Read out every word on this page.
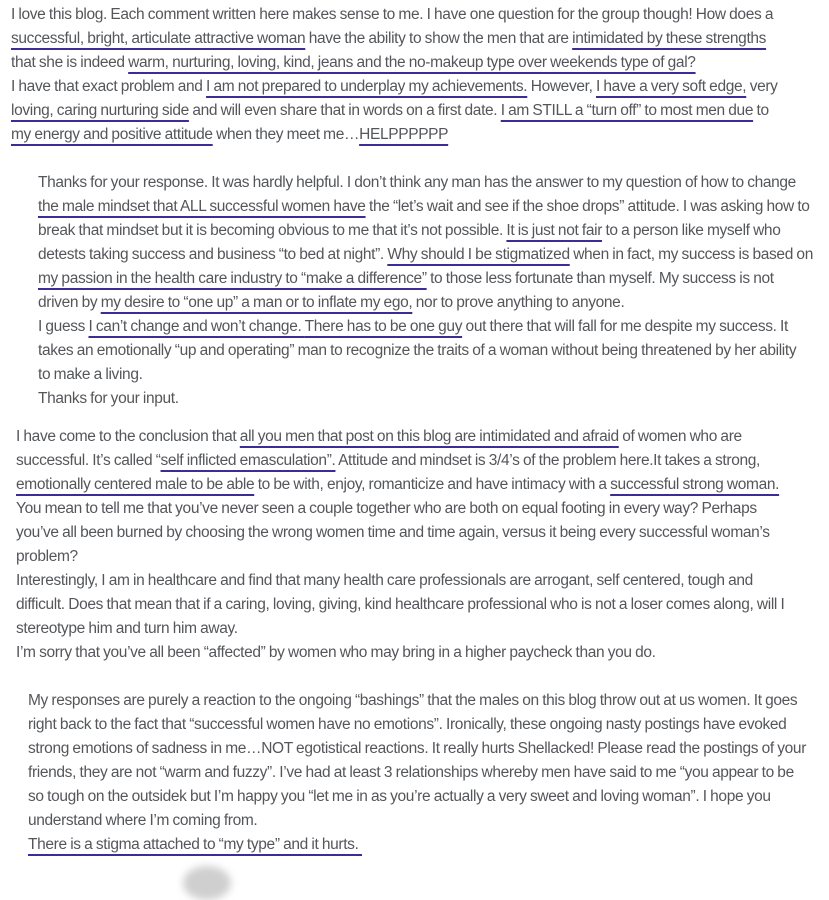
I love this blog. Each comment written here makes sense to me. I have one question for the group though! How does a
successful, bright, articulate attractive woman have the ability to show the men that are intimidated by these strengths
that she is indeed warm, nurturing, loving, kind, jeans and the no-makeup type over weekends type of gal?
I have that exact problem and I am not prepared to underplay my achievements. However, I have a very soft edge, very
loving, caring nurturing side and will even share that in words on a first date. I am STILL a “turn off” to most men due to
my energy and positive attitude when they meet me…HELPPPPPP
Thanks for your response. It was hardly helpful. I don’t think any man has the answer to my question of how to change
the male mindset that ALL successful women have the “let’s wait and see if the shoe drops” attitude. I was asking how to
break that mindset but it is becoming obvious to me that it’s not possible. It is just not fair to a person like myself who
detests taking success and business “to bed at night”. Why should I be stigmatized when in fact, my success is based on
my passion in the health care industry to “make a difference” to those less fortunate than myself. My success is not
driven by my desire to “one up” a man or to inflate my ego, nor to prove anything to anyone.
I guess I can’t change and won’t change. There has to be one guy out there that will fall for me despite my success. It
takes an emotionally “up and operating” man to recognize the traits of a woman without being threatened by her ability
to make a living.
Thanks for your input.
I have come to the conclusion that all you men that post on this blog are intimidated and afraid of women who are
successful. It’s called “self inflicted emasculation”. Attitude and mindset is 3/4’s of the problem here.It takes a strong,
emotionally centered male to be able to be with, enjoy, romanticize and have intimacy with a successful strong woman.
You mean to tell me that you’ve never seen a couple together who are both on equal footing in every way? Perhaps
you’ve all been burned by choosing the wrong women time and time again, versus it being every successful woman’s
problem?
Interestingly, I am in healthcare and find that many health care professionals are arrogant, self centered, tough and
difficult. Does that mean that if a caring, loving, giving, kind healthcare professional who is not a loser comes along, will I
stereotype him and turn him away.
I’m sorry that you’ve all been “affected” by women who may bring in a higher paycheck than you do.
My responses are purely a reaction to the ongoing “bashings” that the males on this blog throw out at us women. It goes
right back to the fact that “successful women have no emotions”. Ironically, these ongoing nasty postings have evoked
strong emotions of sadness in me…NOT egotistical reactions. It really hurts Shellacked! Please read the postings of your
friends, they are not “warm and fuzzy”. I’ve had at least 3 relationships whereby men have said to me “you appear to be
so tough on the outsidek but I’m happy you “let me in as you’re actually a very sweet and loving woman”. I hope you
understand where I’m coming from.
There is a stigma attached to “my type” and it hurts.
